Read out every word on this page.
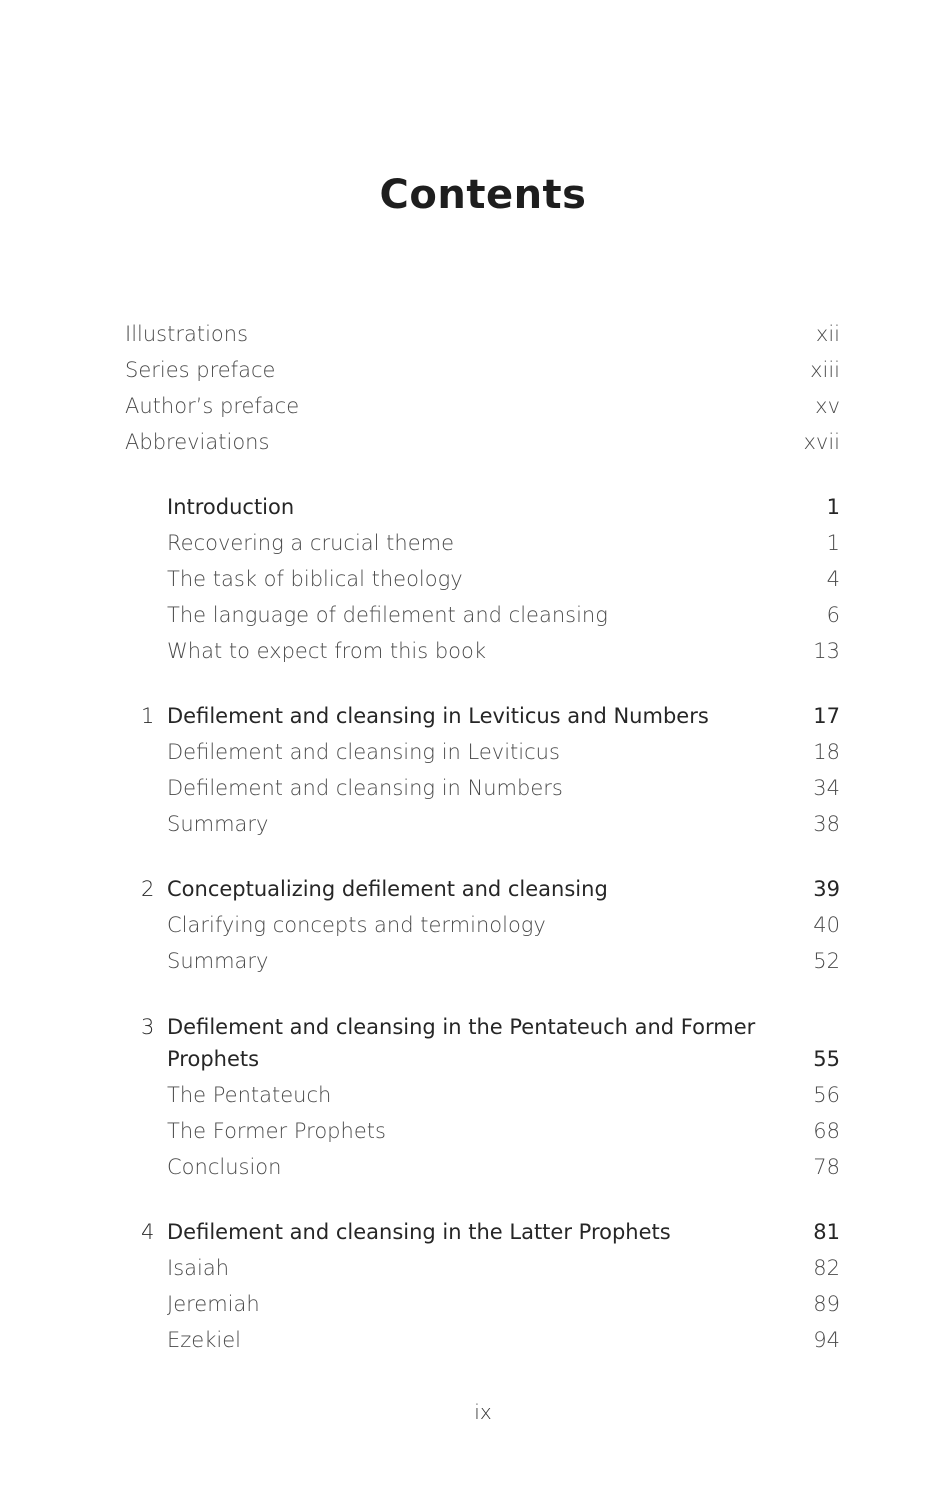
Contents
Illustrations	xii
Series preface	xiii
Author’s preface	xv
Abbreviations	xvii
Introduction	1
Recovering a crucial theme	1
The task of biblical theology	4
The language of defilement and cleansing	6
What to expect from this book	13
1 Defilement and cleansing in Leviticus and Numbers	17
Defilement and cleansing in Leviticus	18
Defilement and cleansing in Numbers	34
Summary	38
2 Conceptualizing defilement and cleansing	39
Clarifying concepts and terminology	40
Summary	52
3 Defilement and cleansing in the Pentateuch and Former
Prophets	55
The Pentateuch	56
The Former Prophets	68
Conclusion	78
4 Defilement and cleansing in the Latter Prophets	81
Isaiah	82
Jeremiah	89
Ezekiel	94
ix
